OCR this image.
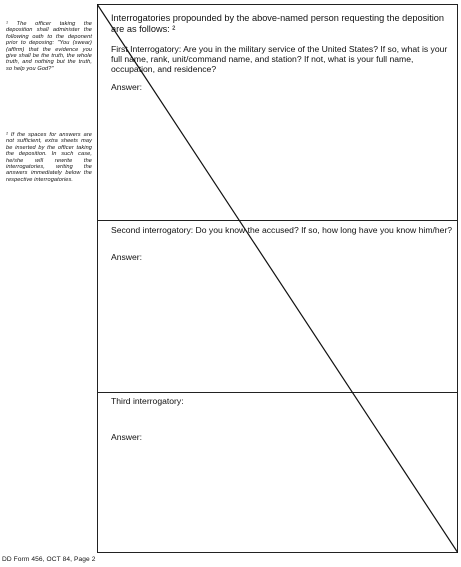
¹ The officer taking the deposition shall administer the following oath to the deponent prior to deposing: "You (swear) (affirm) that the evidence you give shall be the truth, the whole truth, and nothing but the truth, so help you God?"
² If the spaces for answers are not sufficient, extra sheets may be inserted by the officer taking the deposition. In such case, he/she will rewrite the interrogatories, writing the answers immediately below the respective interrogatories.
Interrogatories propounded by the above-named person requesting the deposition are as follows: ²
First Interrogatory: Are you in the military service of the United States? If so, what is your full name, rank, unit/command name, and station? If not, what is your full name, occupation, and residence?
Answer:
Second interrogatory: Do you know the accused? If so, how long have you know him/her?
Answer:
Third interrogatory:
Answer:
DD Form 456, OCT 84, Page 2
